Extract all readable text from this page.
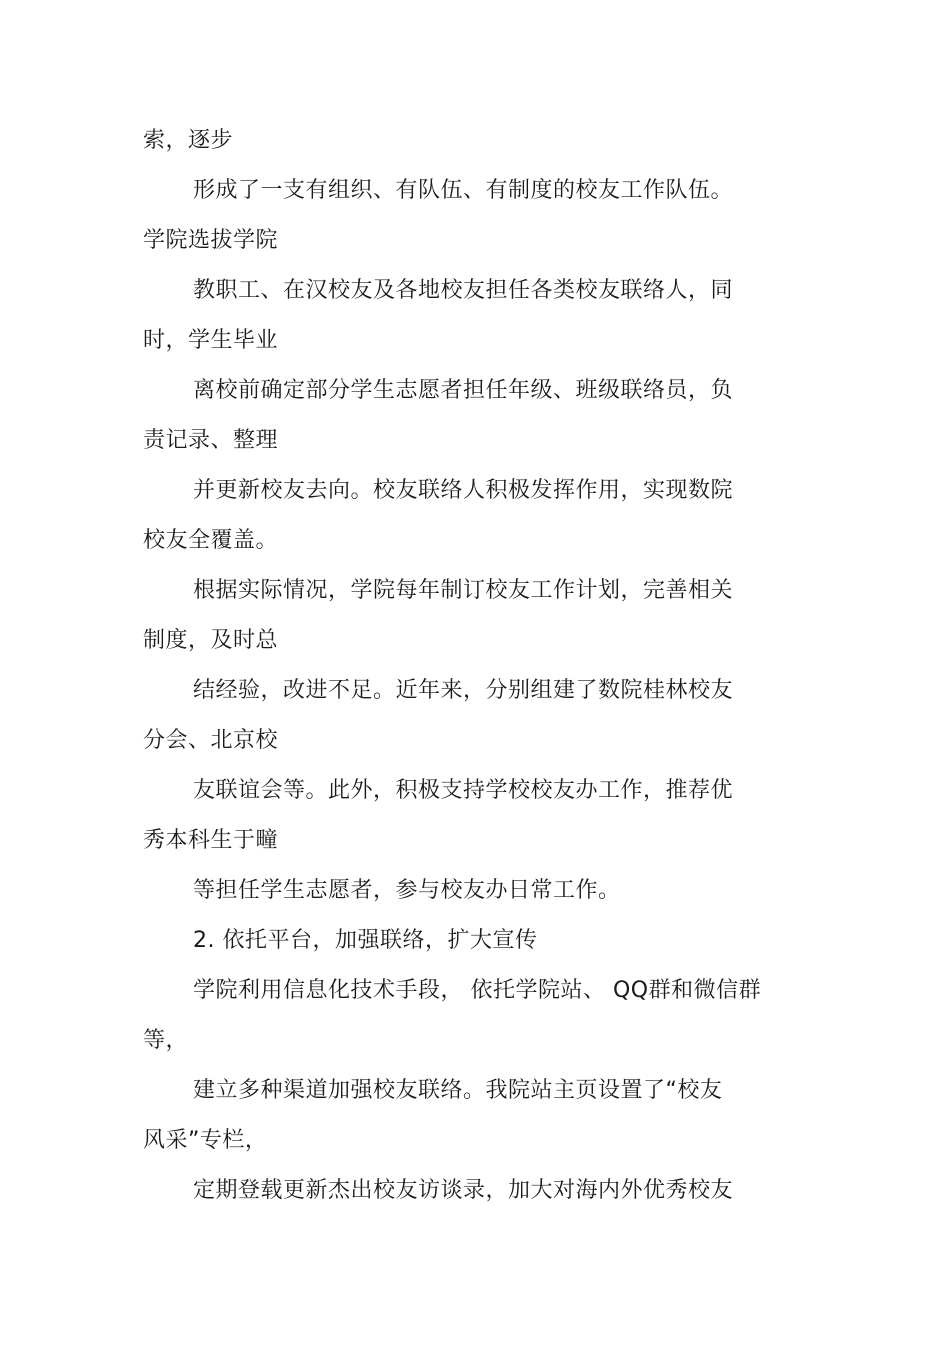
索，逐步
形成了一支有组织、有队伍、有制度的校友工作队伍。
学院选拔学院
教职工、在汉校友及各地校友担任各类校友联络人，同
时，学生毕业
离校前确定部分学生志愿者担任年级、班级联络员，负
责记录、整理
并更新校友去向。校友联络人积极发挥作用，实现数院
校友全覆盖。
根据实际情况，学院每年制订校友工作计划，完善相关
制度，及时总
结经验，改进不足。近年来，分别组建了数院桂林校友
分会、北京校
友联谊会等。此外，积极支持学校校友办工作，推荐优
秀本科生于疃
等担任学生志愿者，参与校友办日常工作。
2. 依托平台，加强联络，扩大宣传
学院利用信息化技术手段， 依托学院站、 QQ群和微信群
等，
建立多种渠道加强校友联络。我院站主页设置了“校友
风采”专栏，
定期登载更新杰出校友访谈录，加大对海内外优秀校友
